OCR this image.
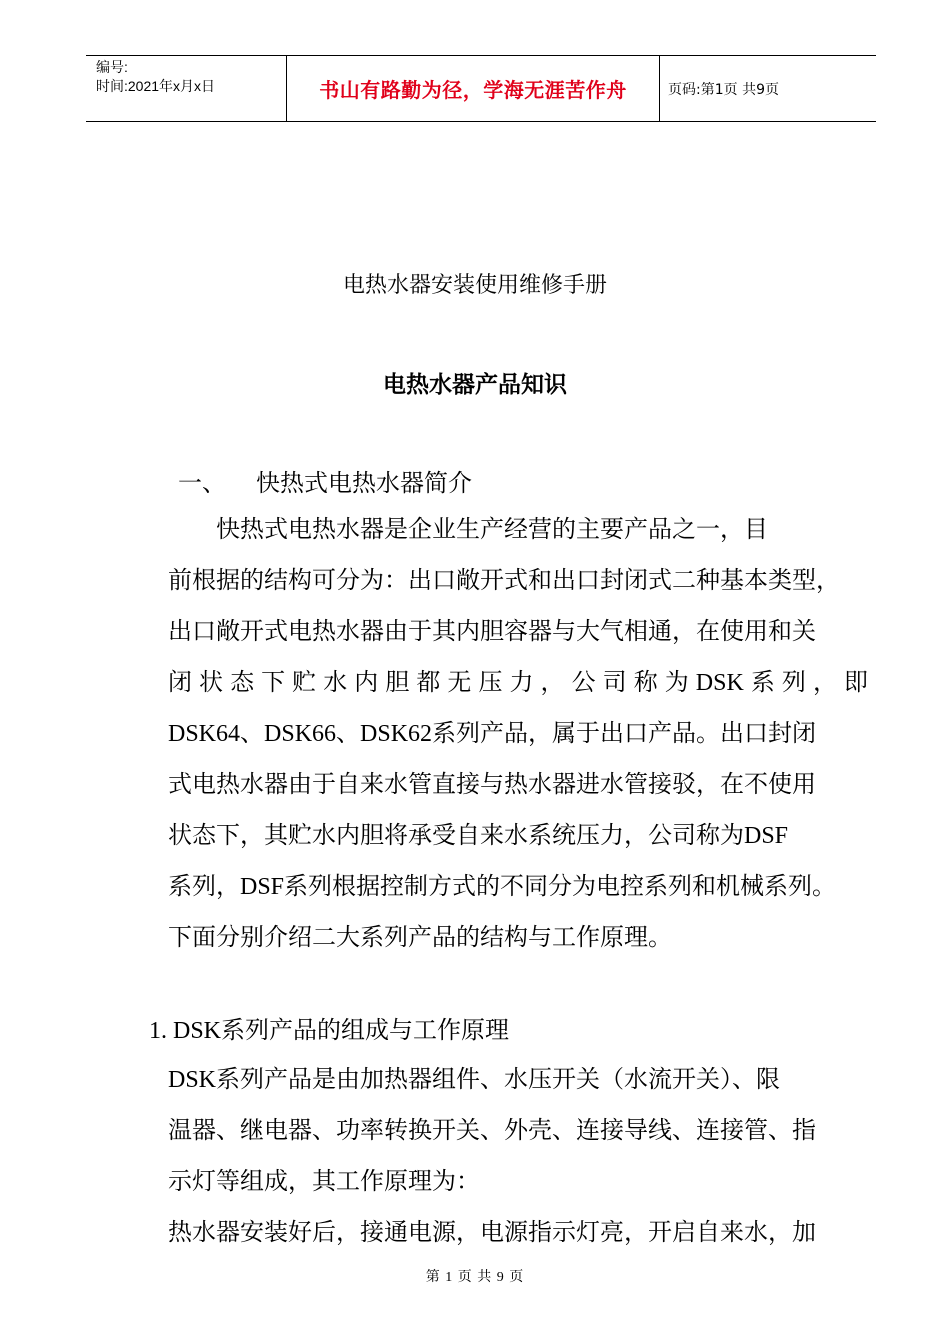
编号:
时间:2021年x月x日	书山有路勤为径，学海无涯苦作舟	页码:第1页 共9页
电热水器安装使用维修手册
电热水器产品知识
一、 快热式电热水器简介
　　快热式电热水器是企业生产经营的主要产品之一，目
前根据的结构可分为：出口敞开式和出口封闭式二种基本类型，
出口敞开式电热水器由于其内胆容器与大气相通，在使用和关
闭状态下贮水内胆都无压力，公司称为DSK系列，即
DSK64、DSK66、DSK62系列产品，属于出口产品。出口封闭
式电热水器由于自来水管直接与热水器进水管接驳，在不使用
状态下，其贮水内胆将承受自来水系统压力，公司称为DSF
系列，DSF系列根据控制方式的不同分为电控系列和机械系列。
下面分别介绍二大系列产品的结构与工作原理。
1. DSK系列产品的组成与工作原理
DSK系列产品是由加热器组件、水压开关（水流开关）、限
温器、继电器、功率转换开关、外壳、连接导线、连接管、指
示灯等组成，其工作原理为：
热水器安装好后，接通电源，电源指示灯亮，开启自来水，加
第 1 页 共 9 页
